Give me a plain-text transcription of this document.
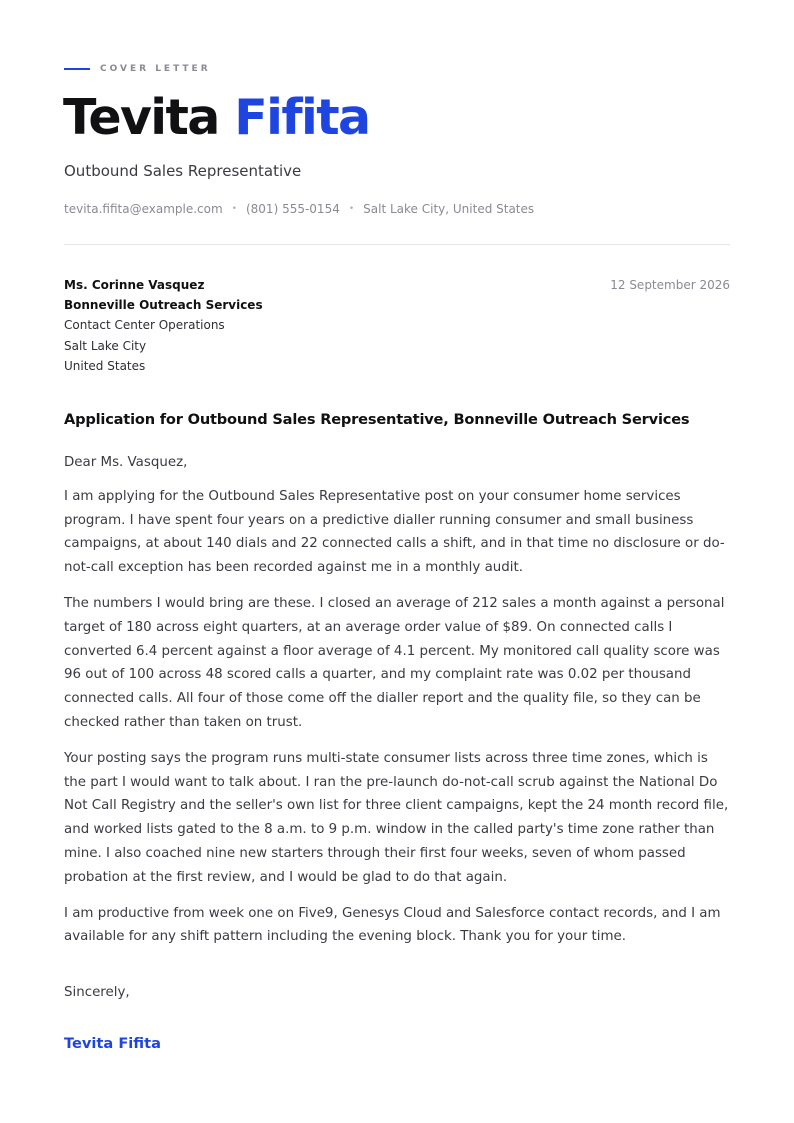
COVER LETTER
Tevita Fifita
Outbound Sales Representative
tevita.fifita@example.com • (801) 555-0154 • Salt Lake City, United States
Ms. Corinne Vasquez
Bonneville Outreach Services
Contact Center Operations
Salt Lake City
United States
12 September 2026
Application for Outbound Sales Representative, Bonneville Outreach Services

Dear Ms. Vasquez,

I am applying for the Outbound Sales Representative post on your consumer home services program. I have spent four years on a predictive dialler running consumer and small business campaigns, at about 140 dials and 22 connected calls a shift, and in that time no disclosure or do-not-call exception has been recorded against me in a monthly audit.

The numbers I would bring are these. I closed an average of 212 sales a month against a personal target of 180 across eight quarters, at an average order value of $89. On connected calls I converted 6.4 percent against a floor average of 4.1 percent. My monitored call quality score was 96 out of 100 across 48 scored calls a quarter, and my complaint rate was 0.02 per thousand connected calls. All four of those come off the dialler report and the quality file, so they can be checked rather than taken on trust.

Your posting says the program runs multi-state consumer lists across three time zones, which is the part I would want to talk about. I ran the pre-launch do-not-call scrub against the National Do Not Call Registry and the seller's own list for three client campaigns, kept the 24 month record file, and worked lists gated to the 8 a.m. to 9 p.m. window in the called party's time zone rather than mine. I also coached nine new starters through their first four weeks, seven of whom passed probation at the first review, and I would be glad to do that again.

I am productive from week one on Five9, Genesys Cloud and Salesforce contact records, and I am available for any shift pattern including the evening block. Thank you for your time.

Sincerely,
Tevita Fifita
